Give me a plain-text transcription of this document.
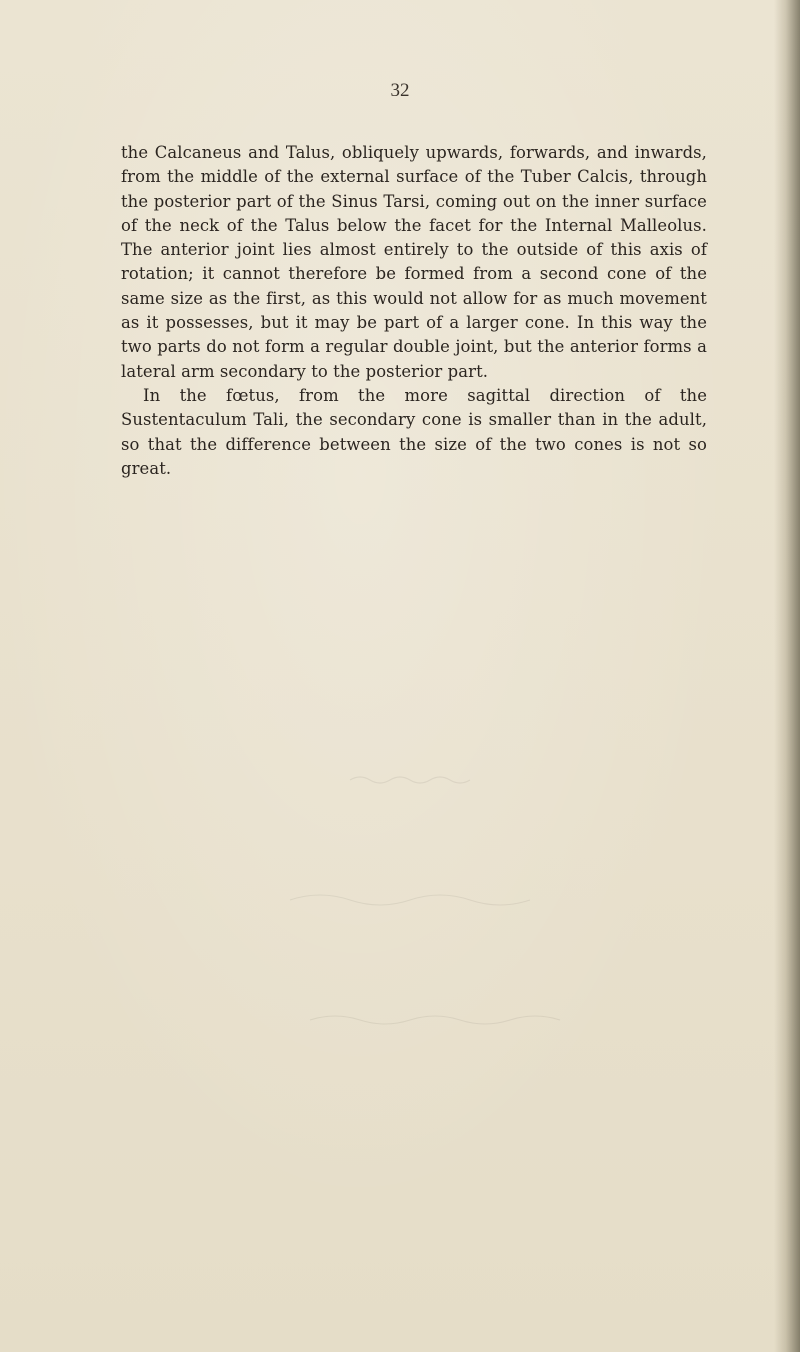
32

the Calcaneus and Talus, obliquely upwards, forwards, and inwards, from the middle of the external surface of the Tuber Calcis, through the posterior part of the Sinus Tarsi, coming out on the inner surface of the neck of the Talus below the facet for the Internal Malleolus. The anterior joint lies almost entirely to the outside of this axis of rotation; it cannot therefore be formed from a second cone of the same size as the first, as this would not allow for as much movement as it possesses, but it may be part of a larger cone. In this way the two parts do not form a regular double joint, but the anterior forms a lateral arm secondary to the posterior part.

In the fœtus, from the more sagittal direction of the Sustentaculum Tali, the secondary cone is smaller than in the adult, so that the difference between the size of the two cones is not so great.
